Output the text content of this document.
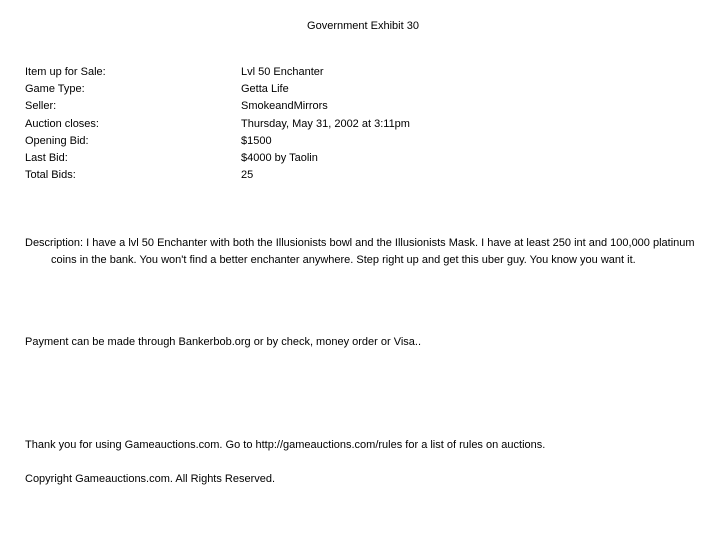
Government Exhibit 30
Item up for Sale:	Lvl 50 Enchanter
Game Type:	Getta Life
Seller:	SmokeandMirrors
Auction closes:	Thursday, May 31, 2002 at 3:11pm
Opening Bid:	$1500
Last Bid:	$4000 by Taolin
Total Bids:	25
Description: I have a lvl 50 Enchanter with both the Illusionists bowl and the Illusionists Mask. I have at least 250 int and 100,000 platinum coins in the bank. You won't find a better enchanter anywhere. Step right up and get this uber guy. You know you want it.
Payment can be made through Bankerbob.org or by check, money order or Visa..
Thank you for using Gameauctions.com. Go to http://gameauctions.com/rules for a list of rules on auctions.
Copyright Gameauctions.com. All Rights Reserved.
